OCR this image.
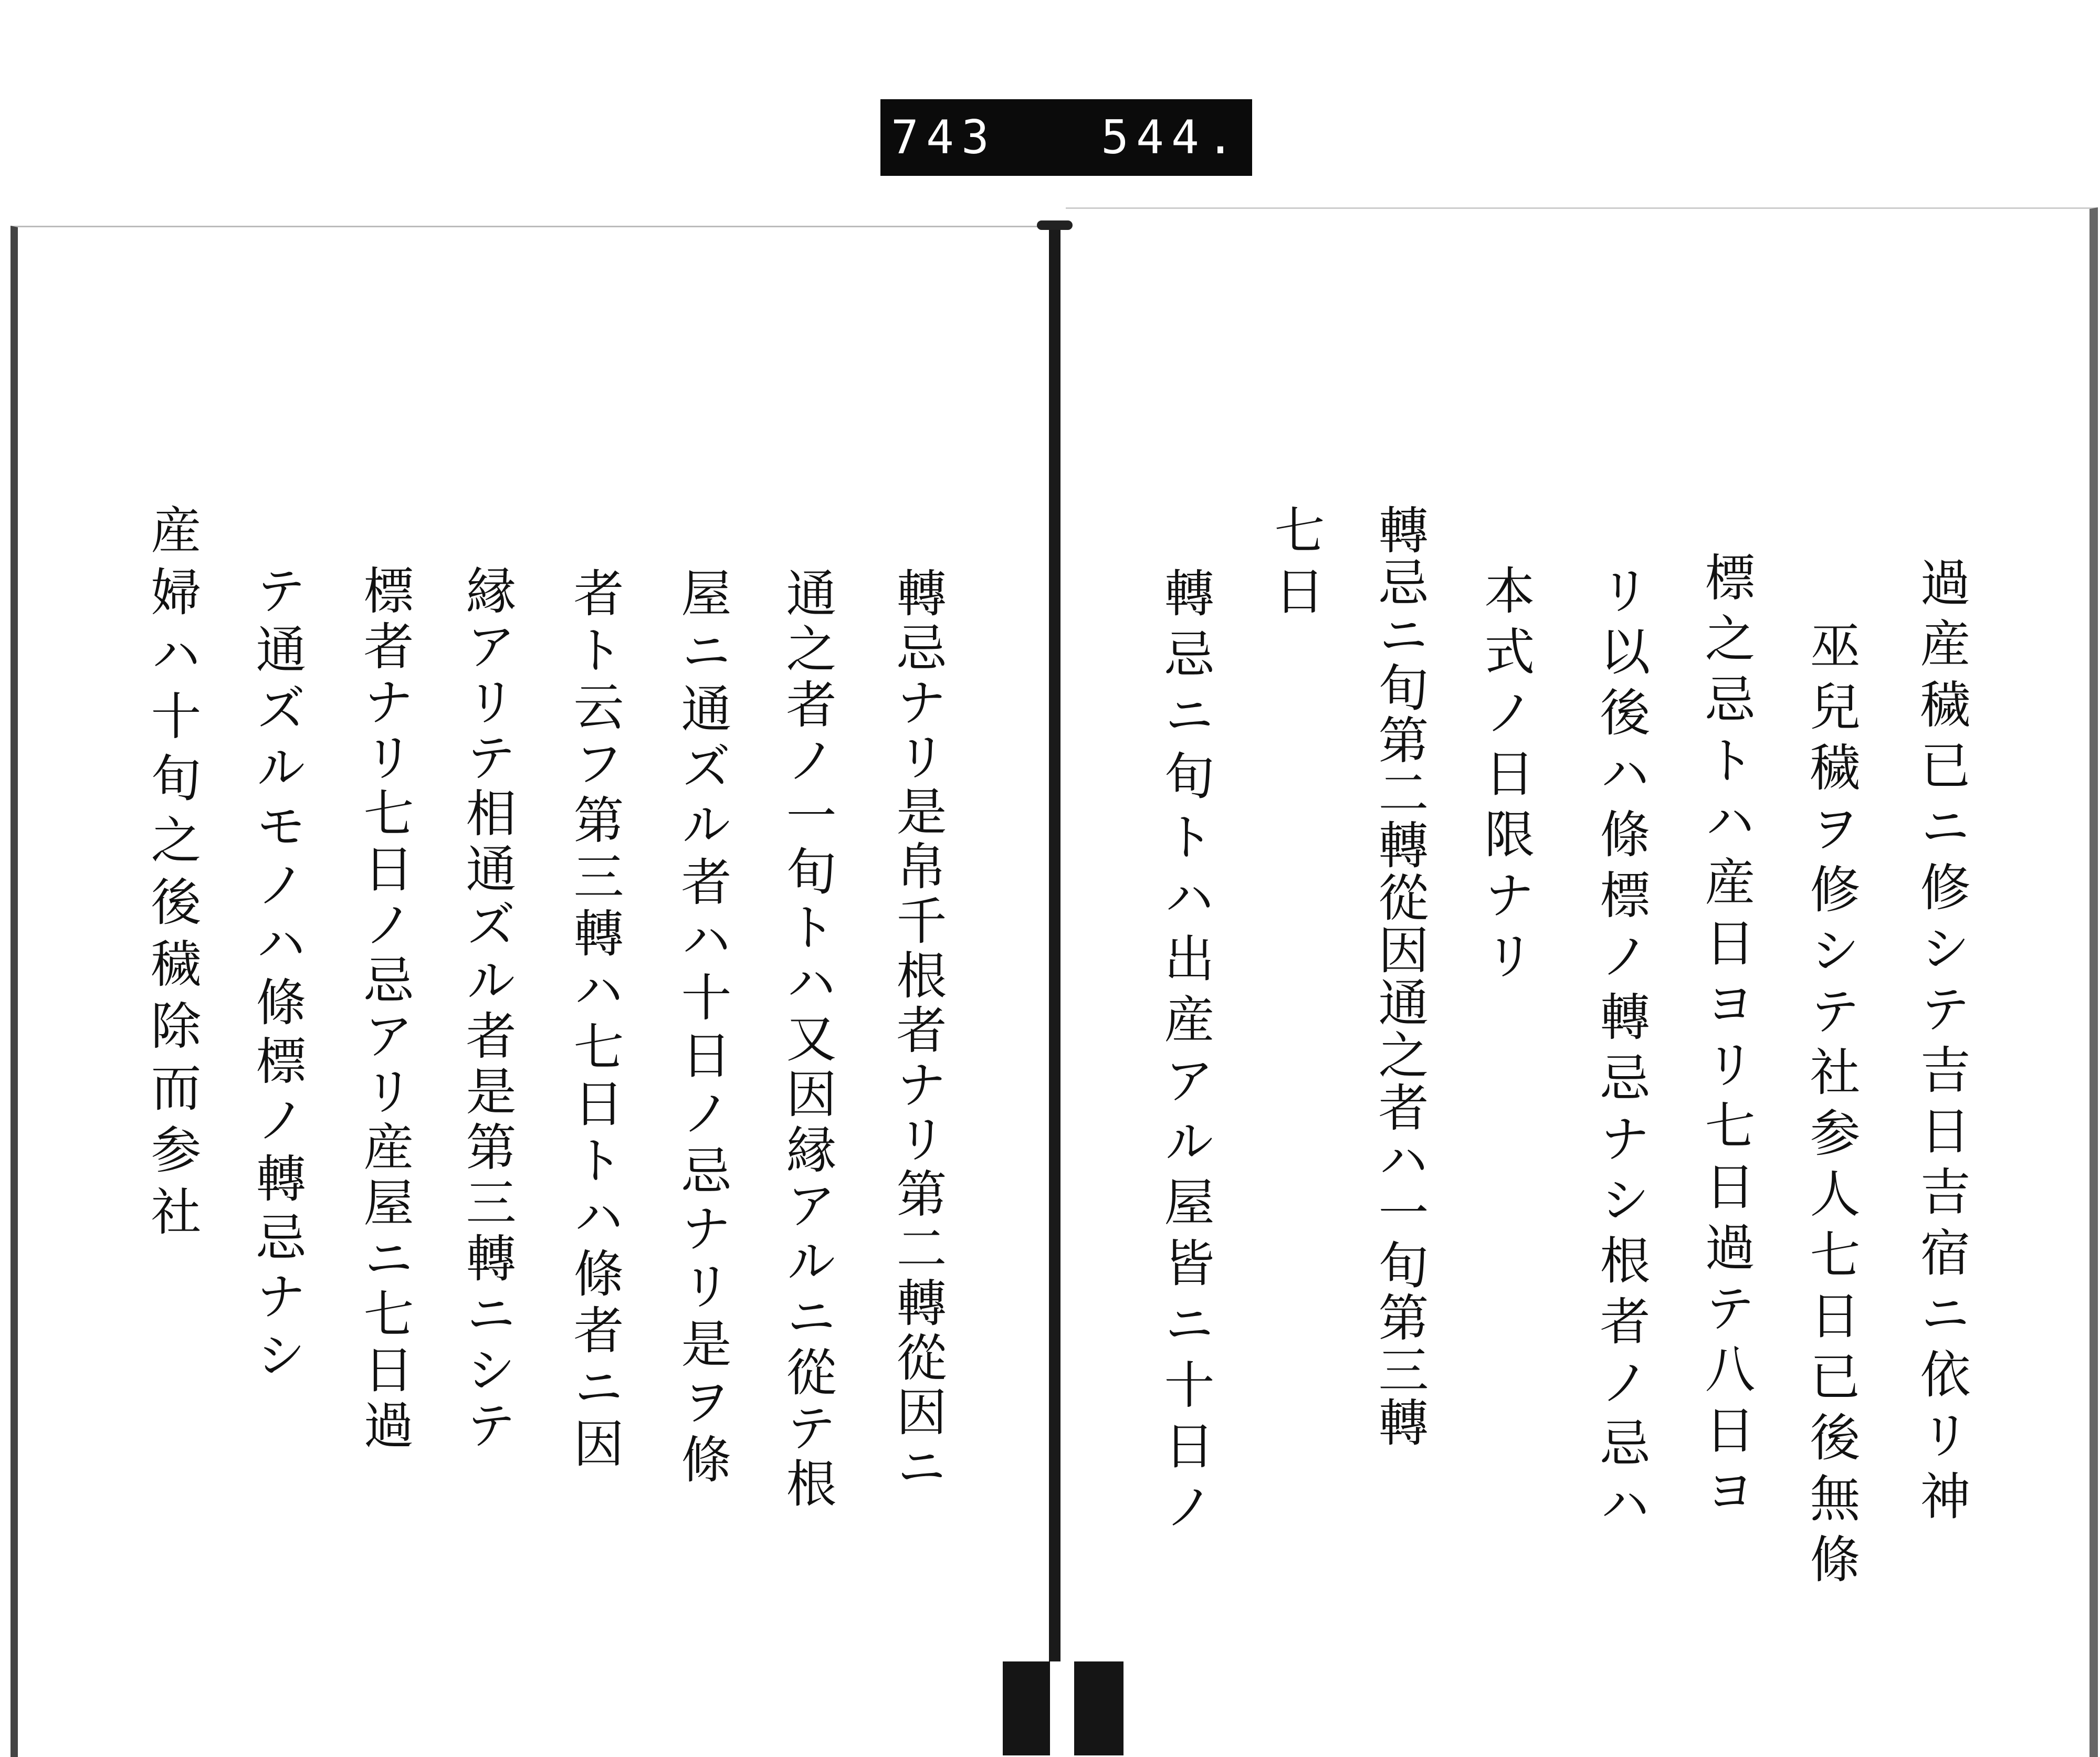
743 544.
過産穢已ニ修シテ吉日吉宿ニ依リ神
巫兒穢ヲ修シテ社参人七日已後無條
標之忌トハ産日ヨリ七日過テ八日ヨ
リ以後ハ條標ノ轉忌ナシ根者ノ忌ハ
本式ノ日限ナリ
轉忌ニ旬第二轉從因通之者ハ一旬第三轉
七日
轉忌ニ旬トハ出産アル屋皆ニ十日ノ
轉忌ナリ是帛千根者ナリ第二轉從因ニ
通之者ノ一旬トハ又因縁アルニ從テ根
屋ニ通ズル者ハ十日ノ忌ナリ是ヲ條
者ト云フ第三轉ハ七日トハ條者ニ因
縁アリテ相通ズル者是第三轉ニシテ
標者ナリ七日ノ忌アリ産屋ニ七日過
テ通ズルモノハ條標ノ轉忌ナシ
産婦ハ十旬之後穢除而参社
